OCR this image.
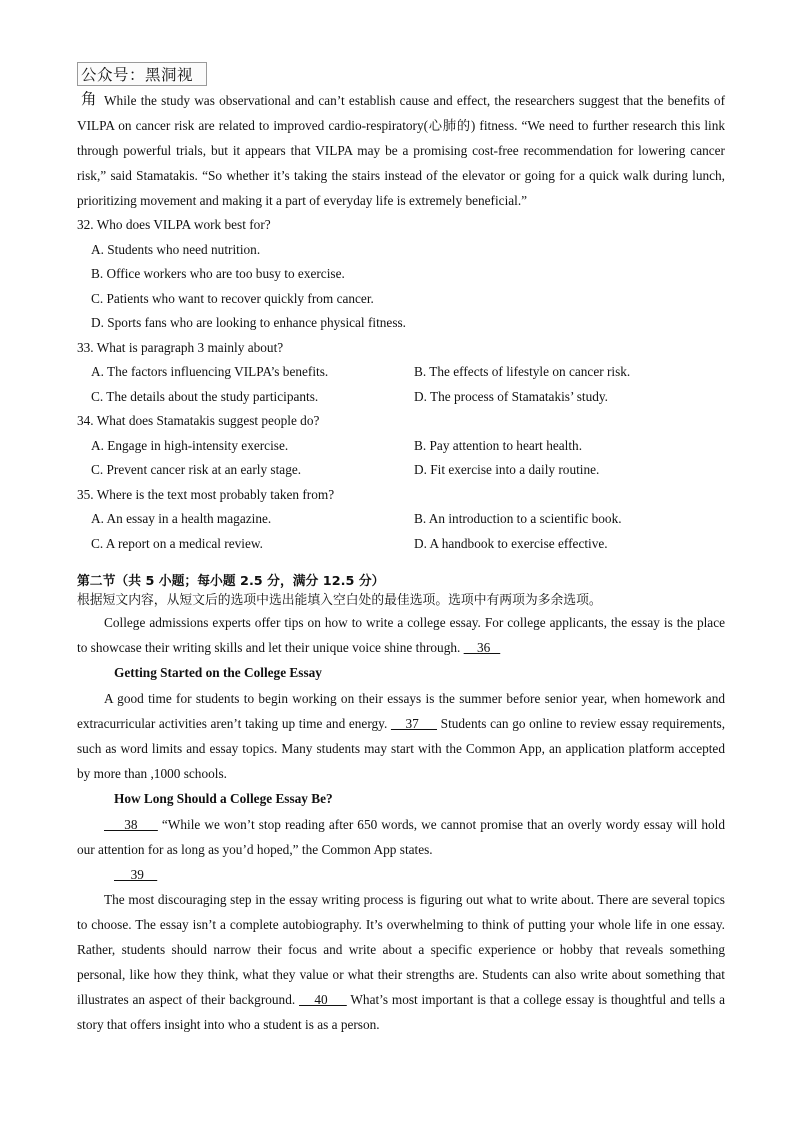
公众号：黑洞视角 While the study was observational and can’t establish cause and effect, the researchers suggest that the benefits of VILPA on cancer risk are related to improved cardio-respiratory(心肺的) fitness. “We need to further research this link through powerful trials, but it appears that VILPA may be a promising cost-free recommendation for lowering cancer risk,” said Stamatakis. “So whether it’s taking the stairs instead of the elevator or going for a quick walk during lunch, prioritizing movement and making it a part of everyday life is extremely beneficial.”

32. Who does VILPA work best for?

A. Students who need nutrition.

B. Office workers who are too busy to exercise.

C. Patients who want to recover quickly from cancer.

D. Sports fans who are looking to enhance physical fitness.

33. What is paragraph 3 mainly about?

A. The factors influencing VILPA’s benefits.	B. The effects of lifestyle on cancer risk.
C. The details about the study participants.	D. The process of Stamatakis’ study.

34. What does Stamatakis suggest people do?

A. Engage in high-intensity exercise.	B. Pay attention to heart health.
C. Prevent cancer risk at an early stage.	D. Fit exercise into a daily routine.

35. Where is the text most probably taken from?

A. An essay in a health magazine.	B. An introduction to a scientific book.
C. A report on a medical review.	D. A handbook to exercise effective.
第二节（共 5 小题；每小题 2.5 分，满分 12.5 分）
根据短文内容，从短文后的选项中选出能填入空白处的最佳选项。选项中有两项为多余选项。

College admissions experts offer tips on how to write a college essay. For college applicants, the essay is the place to showcase their writing skills and let their unique voice shine through.     36

Getting Started on the College Essay

A good time for students to begin working on their essays is the summer before senior year, when homework and extracurricular activities aren’t taking up time and energy.     37      Students can go online to review essay requirements, such as word limits and essay topics. Many students may start with the Common App, an application platform accepted by more than ,1000 schools.

How Long Should a College Essay Be?

38      “While we won’t stop reading after 650 words, we cannot promise that an overly wordy essay will hold our attention for as long as you’d hoped,” the Common App states.

39

The most discouraging step in the essay writing process is figuring out what to write about. There are several topics to choose. The essay isn’t a complete autobiography. It’s overwhelming to think of putting your whole life in one essay. Rather, students should narrow their focus and write about a specific experience or hobby that reveals something personal, like how they think, what they value or what their strengths are. Students can also write about something that illustrates an aspect of their background.     40      What’s most important is that a college essay is thoughtful and tells a story that offers insight into who a student is as a person.
